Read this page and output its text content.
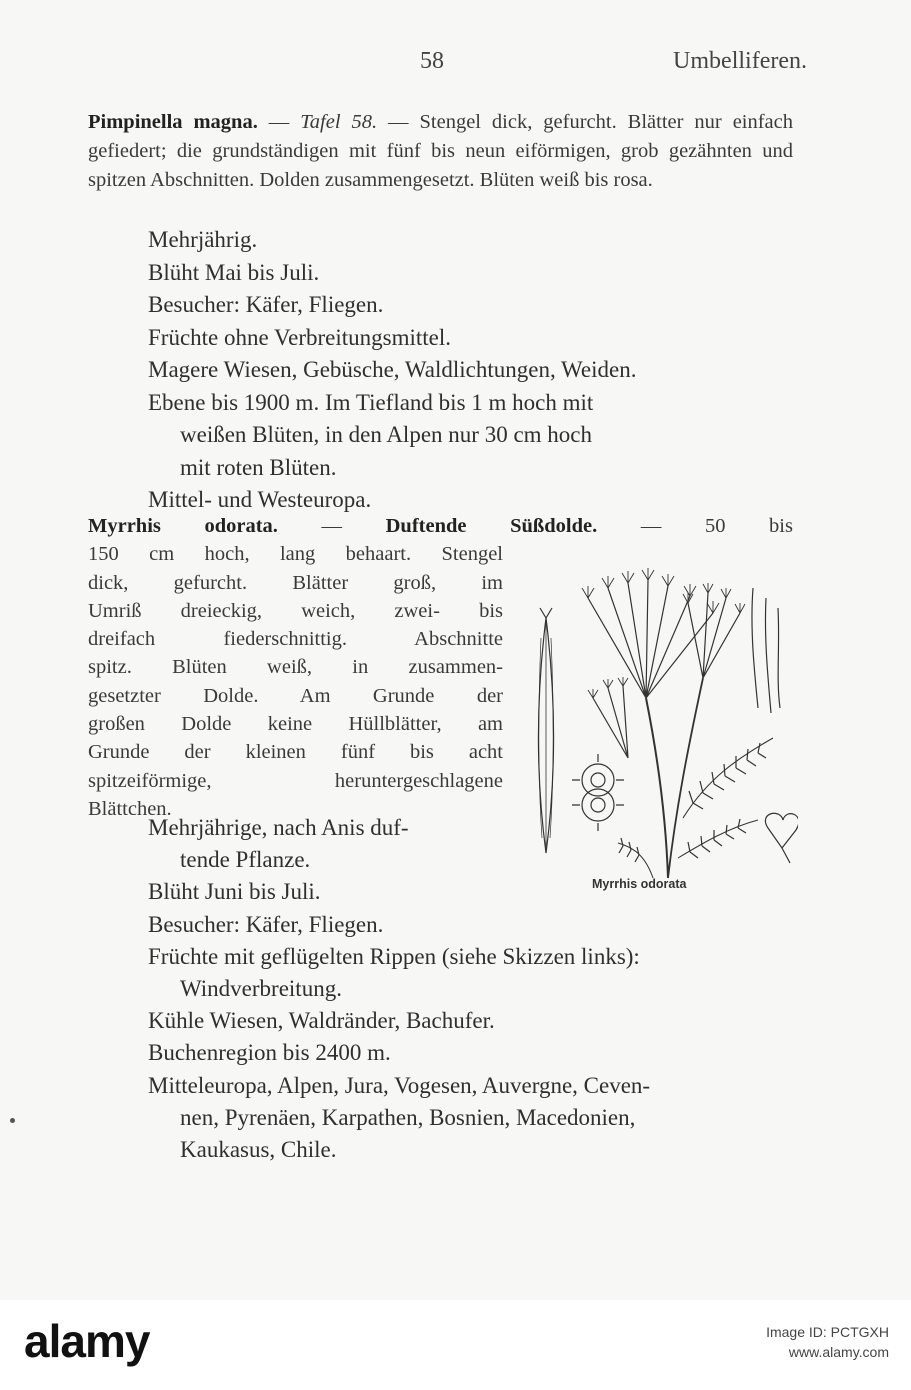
58	Umbelliferen.
Pimpinella magna. — Tafel 58. — Stengel dick, gefurcht. Blätter nur einfach gefiedert; die grundständigen mit fünf bis neun eiförmigen, grob gezähnten und spitzen Abschnitten. Dolden zusammengesetzt. Blüten weiß bis rosa.
Mehrjährig.
Blüht Mai bis Juli.
Besucher: Käfer, Fliegen.
Früchte ohne Verbreitungsmittel.
Magere Wiesen, Gebüsche, Waldlichtungen, Weiden.
Ebene bis 1900 m. Im Tiefland bis 1 m hoch mit
weißen Blüten, in den Alpen nur 30 cm hoch
mit roten Blüten.
Mittel- und Westeuropa.
Myrrhis odorata. — Duftende Süßdolde. — 50 bis
150 cm hoch, lang behaart. Stengel
dick, gefurcht. Blätter groß, im
Umriß dreieckig, weich, zwei- bis
dreifach fiederschnittig. Abschnitte
spitz. Blüten weiß, in zusammen-
gesetzter Dolde. Am Grunde der
großen Dolde keine Hüllblätter, am
Grunde der kleinen fünf bis acht
spitzeiförmige, heruntergeschlagene
Blättchen.
Mehrjährige, nach Anis duf-
tende Pflanze.
Blüht Juni bis Juli.
Besucher: Käfer, Fliegen.
Früchte mit geflügelten Rippen (siehe Skizzen links):
Windverbreitung.
Kühle Wiesen, Waldränder, Bachufer.
Buchenregion bis 2400 m.
Mitteleuropa, Alpen, Jura, Vogesen, Auvergne, Ceven-
nen, Pyrenäen, Karpathen, Bosnien, Macedonien,
Kaukasus, Chile.
Myrrhis odorata
alamy	Image ID: PCTGXH
www.alamy.com
